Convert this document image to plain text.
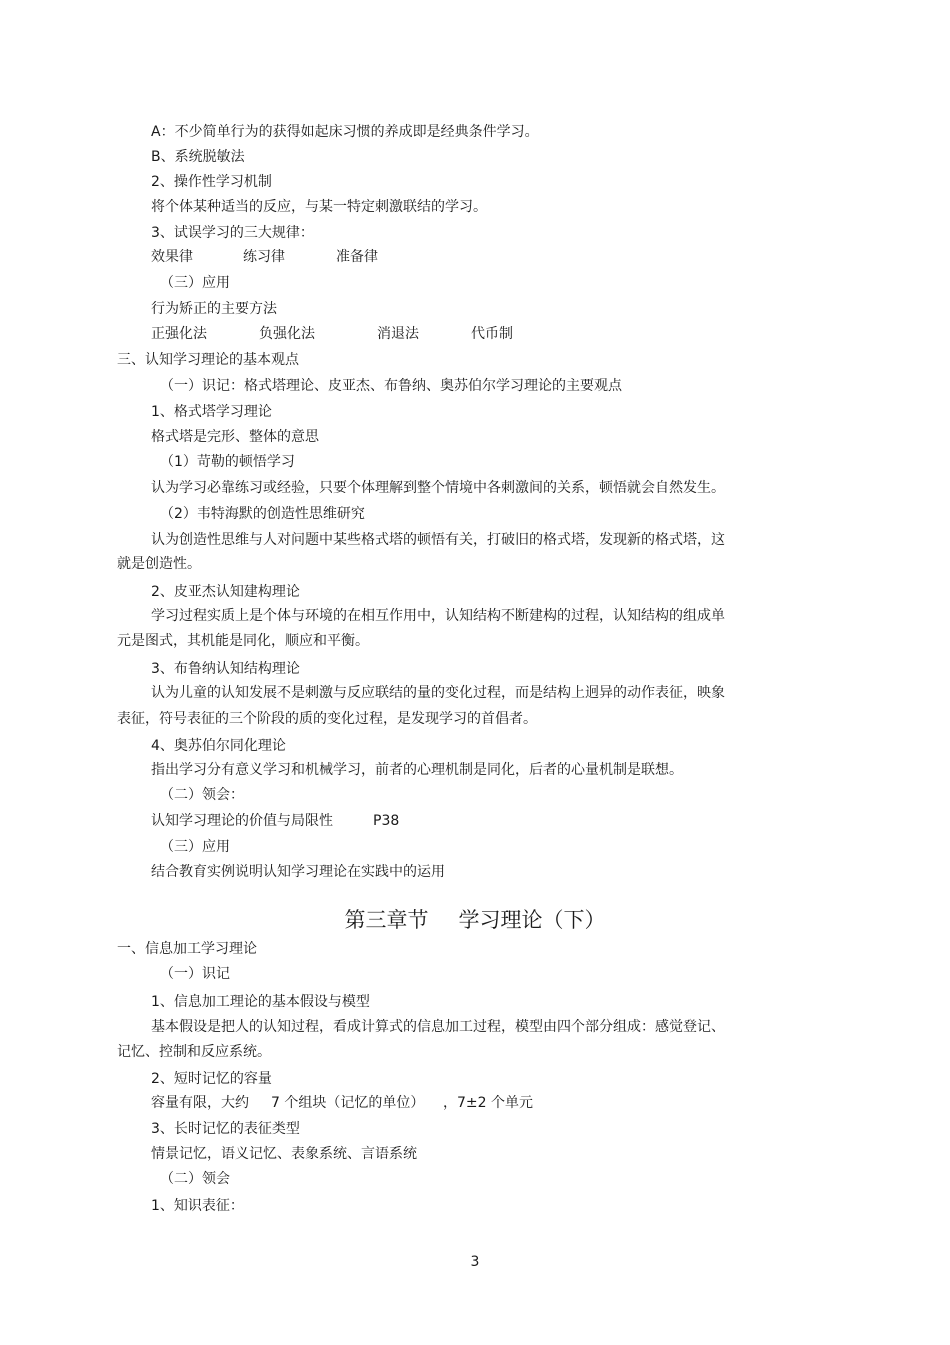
A：不少简单行为的获得如起床习惯的养成即是经典条件学习。
B、系统脱敏法
2、操作性学习机制
将个体某种适当的反应，与某一特定刺激联结的学习。
3、试误学习的三大规律：
效果律	练习律	准备律
（三）应用
行为矫正的主要方法
正强化法	负强化法	消退法	代币制
三、认知学习理论的基本观点
（一）识记：格式塔理论、皮亚杰、布鲁纳、奥苏伯尔学习理论的主要观点
1、格式塔学习理论
格式塔是完形、整体的意思
（1）苛勒的顿悟学习
认为学习必靠练习或经验，只要个体理解到整个情境中各刺激间的关系，顿悟就会自然发生。
（2）韦特海默的创造性思维研究
认为创造性思维与人对问题中某些格式塔的顿悟有关，打破旧的格式塔，发现新的格式塔，这
就是创造性。
2、皮亚杰认知建构理论
学习过程实质上是个体与环境的在相互作用中，认知结构不断建构的过程，认知结构的组成单
元是图式，其机能是同化，顺应和平衡。
3、布鲁纳认知结构理论
认为儿童的认知发展不是刺激与反应联结的量的变化过程，而是结构上迥异的动作表征，映象
表征，符号表征的三个阶段的质的变化过程，是发现学习的首倡者。
4、奥苏伯尔同化理论
指出学习分有意义学习和机械学习，前者的心理机制是同化，后者的心量机制是联想。
（二）领会：
认知学习理论的价值与局限性	P38
（三）应用
结合教育实例说明认知学习理论在实践中的运用
第三章节 学习理论（下）
一、信息加工学习理论
（一）识记
1、信息加工理论的基本假设与模型
基本假设是把人的认知过程，看成计算式的信息加工过程，模型由四个部分组成：感觉登记、
记忆、控制和反应系统。
2、短时记忆的容量
容量有限，大约 7 个组块（记忆的单位） ，7±2 个单元
3、长时记忆的表征类型
情景记忆，语义记忆、表象系统、言语系统
（二）领会
1、知识表征：
3
